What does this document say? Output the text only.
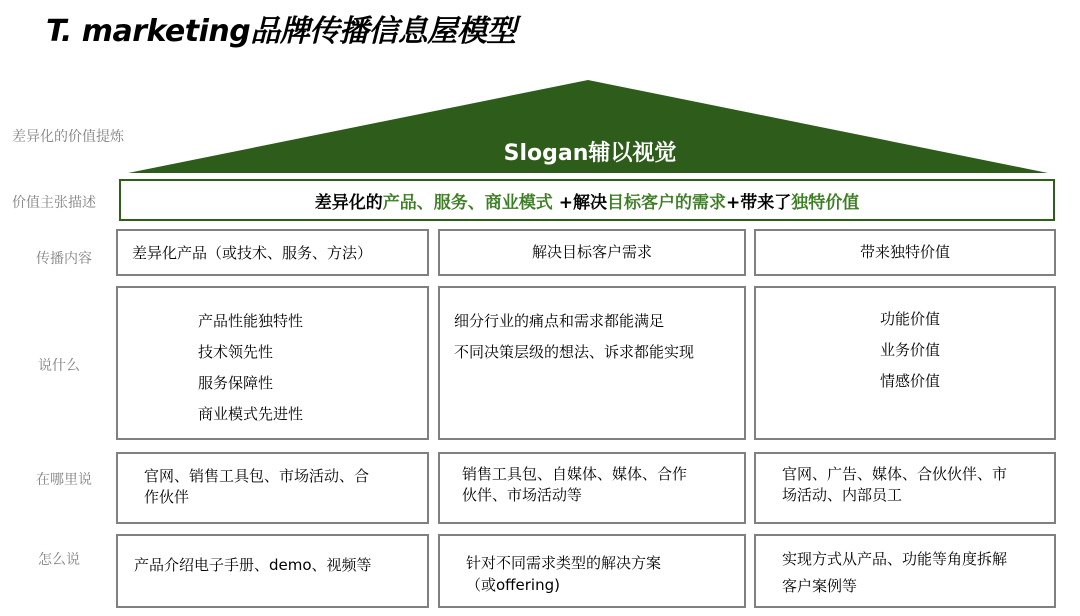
T. marketing品牌传播信息屋模型
差异化的价值提炼
价值主张描述
传播内容
说什么
在哪里说
怎么说
Slogan辅以视觉
差异化的 产品、服务、商业模式 +解决 目标客户的需求 +带来了 独特价值
差异化产品（或技术、服务、方法）
产品性能独特性
技术领先性
服务保障性
商业模式先进性
官网、销售工具包、市场活动、合
作伙伴
产品介绍电子手册、demo、视频等
解决目标客户需求
细分行业的痛点和需求都能满足
不同决策层级的想法、诉求都能实现
销售工具包、自媒体、媒体、合作
伙伴、市场活动等
针对不同需求类型的解决方案
（或offering)
带来独特价值
功能价值
业务价值
情感价值
官网、广告、媒体、合伙伙伴、市
场活动、内部员工
实现方式从产品、功能等角度拆解
客户案例等
